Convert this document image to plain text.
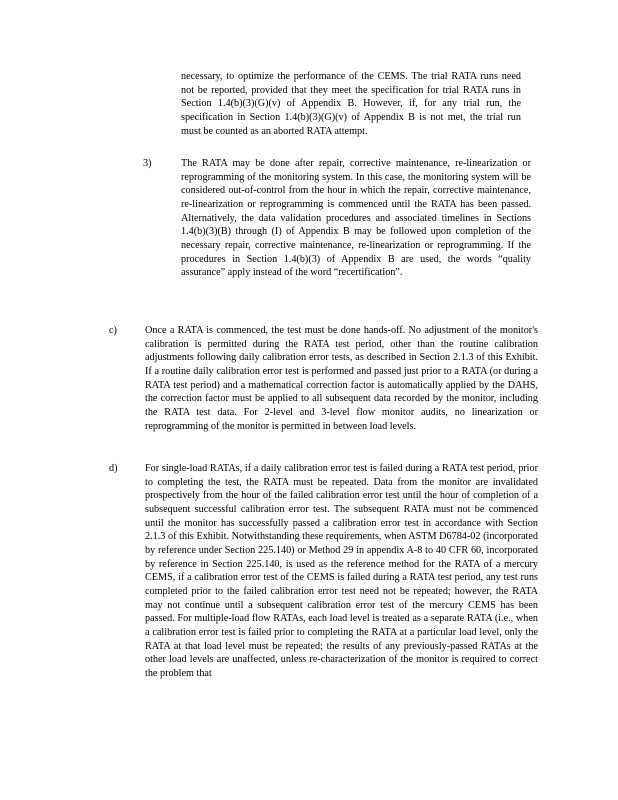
necessary, to optimize the performance of the CEMS. The trial RATA runs need not be reported, provided that they meet the specification for trial RATA runs in Section 1.4(b)(3)(G)(v) of Appendix B. However, if, for any trial run, the specification in Section 1.4(b)(3)(G)(v) of Appendix B is not met, the trial run must be counted as an aborted RATA attempt.

3)	The RATA may be done after repair, corrective maintenance, re-linearization or reprogramming of the monitoring system. In this case, the monitoring system will be considered out-of-control from the hour in which the repair, corrective maintenance, re-linearization or reprogramming is commenced until the RATA has been passed. Alternatively, the data validation procedures and associated timelines in Sections 1.4(b)(3)(B) through (I) of Appendix B may be followed upon completion of the necessary repair, corrective maintenance, re-linearization or reprogramming. If the procedures in Section 1.4(b)(3) of Appendix B are used, the words “quality assurance” apply instead of the word “recertification”.

c)	Once a RATA is commenced, the test must be done hands-off. No adjustment of the monitor's calibration is permitted during the RATA test period, other than the routine calibration adjustments following daily calibration error tests, as described in Section 2.1.3 of this Exhibit. If a routine daily calibration error test is performed and passed just prior to a RATA (or during a RATA test period) and a mathematical correction factor is automatically applied by the DAHS, the correction factor must be applied to all subsequent data recorded by the monitor, including the RATA test data. For 2-level and 3-level flow monitor audits, no linearization or reprogramming of the monitor is permitted in between load levels.

d)	For single-load RATAs, if a daily calibration error test is failed during a RATA test period, prior to completing the test, the RATA must be repeated. Data from the monitor are invalidated prospectively from the hour of the failed calibration error test until the hour of completion of a subsequent successful calibration error test. The subsequent RATA must not be commenced until the monitor has successfully passed a calibration error test in accordance with Section 2.1.3 of this Exhibit. Notwithstanding these requirements, when ASTM D6784-02 (incorporated by reference under Section 225.140) or Method 29 in appendix A-8 to 40 CFR 60, incorporated by reference in Section 225.140, is used as the reference method for the RATA of a mercury CEMS, if a calibration error test of the CEMS is failed during a RATA test period, any test runs completed prior to the failed calibration error test need not be repeated; however, the RATA may not continue until a subsequent calibration error test of the mercury CEMS has been passed. For multiple-load flow RATAs, each load level is treated as a separate RATA (i.e., when a calibration error test is failed prior to completing the RATA at a particular load level, only the RATA at that load level must be repeated; the results of any previously-passed RATAs at the other load levels are unaffected, unless re-characterization of the monitor is required to correct the problem that
